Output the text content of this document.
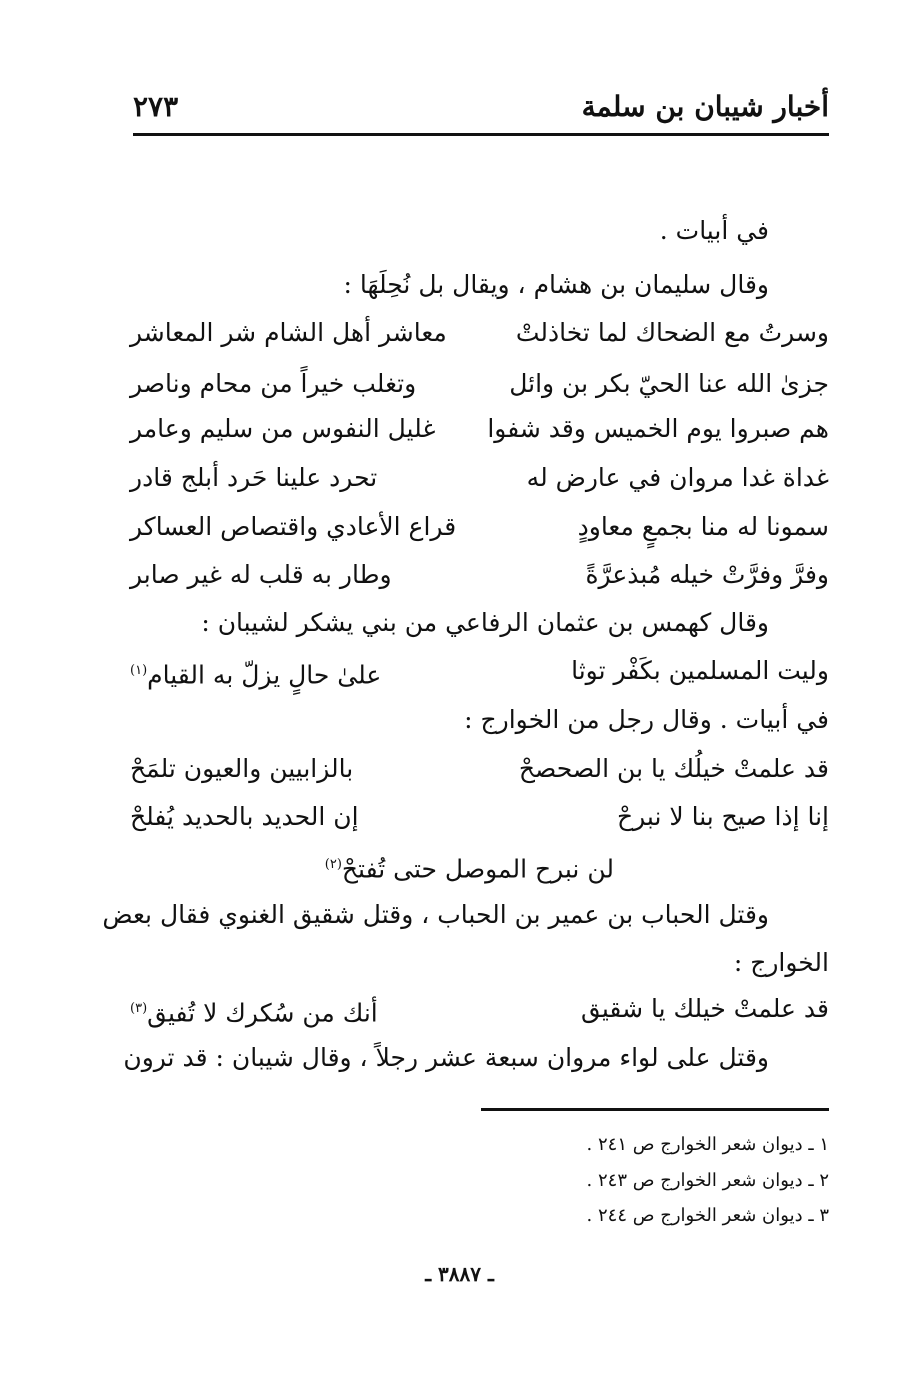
أخبار شيبان بن سلمة
٢٧٣
في أبيات .
وقال سليمان بن هشام ، ويقال بل نُحِلَهَا :
وسرتُ مع الضحاك لما تخاذلتْ
معاشر أهل الشام شر المعاشر
جزىٰ الله عنا الحيّ بكر بن وائل
وتغلب خيراً من محام وناصر
هم صبروا يوم الخميس وقد شفوا
غليل النفوس من سليم وعامر
غداة غدا مروان في عارض له
تحرد علينا حَرد أبلج قادر
سمونا له منا بجمعٍ معاودٍ
قراع الأعادي واقتصاص العساكر
وفرَّ وفرَّتْ خيله مُبذعرَّةً
وطار به قلب له غير صابر
وقال كهمس بن عثمان الرفاعي من بني يشكر لشيبان :
وليت المسلمين بكَفْر توثا
علىٰ حالٍ يزلّ به القيام$^{(١)}$
في أبيات . وقال رجل من الخوارج :
قد علمتْ خيلُك يا بن الصحصحْ
بالزابيين والعيون تلمَحْ
إنا إذا صيح بنا لا نبرحْ
إن الحديد بالحديد يُفلحْ
لن نبرح الموصل حتى تُفتحْ$^{(٢)}$
وقتل الحباب بن عمير بن الحباب ، وقتل شقيق الغنوي فقال بعض
الخوارج :
قد علمتْ خيلك يا شقيق
أنك من سُكرك لا تُفيق$^{(٣)}$
وقتل على لواء مروان سبعة عشر رجلاً ، وقال شيبان : قد ترون
١ ـ ديوان شعر الخوارج ص ٢٤١ .
٢ ـ ديوان شعر الخوارج ص ٢٤٣ .
٣ ـ ديوان شعر الخوارج ص ٢٤٤ .
ـ ٣٨٨٧ ـ
